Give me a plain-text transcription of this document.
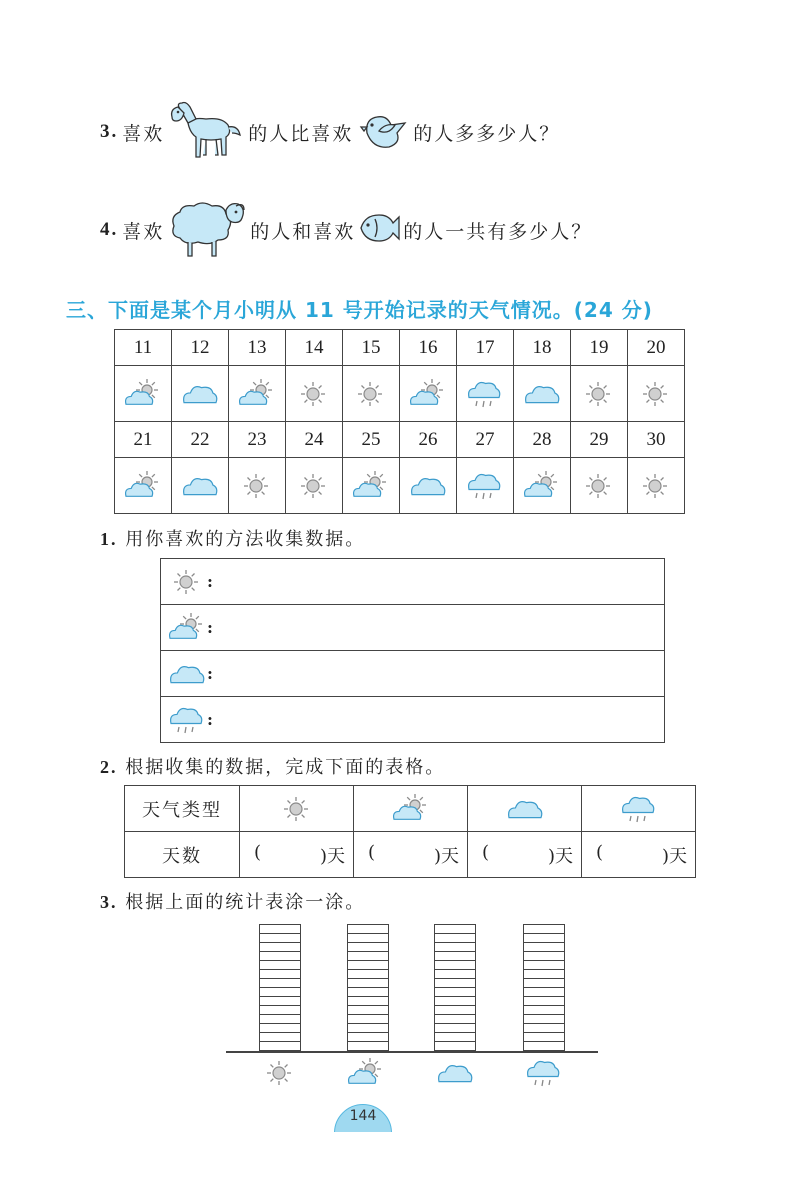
3. 喜欢	的人比喜欢	的人多多少人？
4. 喜欢	的人和喜欢	的人一共有多少人？
三、下面是某个月小明从 11 号开始记录的天气情况。(24 分)
11	12	13	14	15	16	17	18	19	20

21	22	23	24	25	26	27	28	29	30

1. 用你喜欢的方法收集数据。
:
:
:
:
2. 根据收集的数据，完成下面的表格。
天气类型				
天数	( )天	( )天	( )天	( )天
3. 根据上面的统计表涂一涂。
144
